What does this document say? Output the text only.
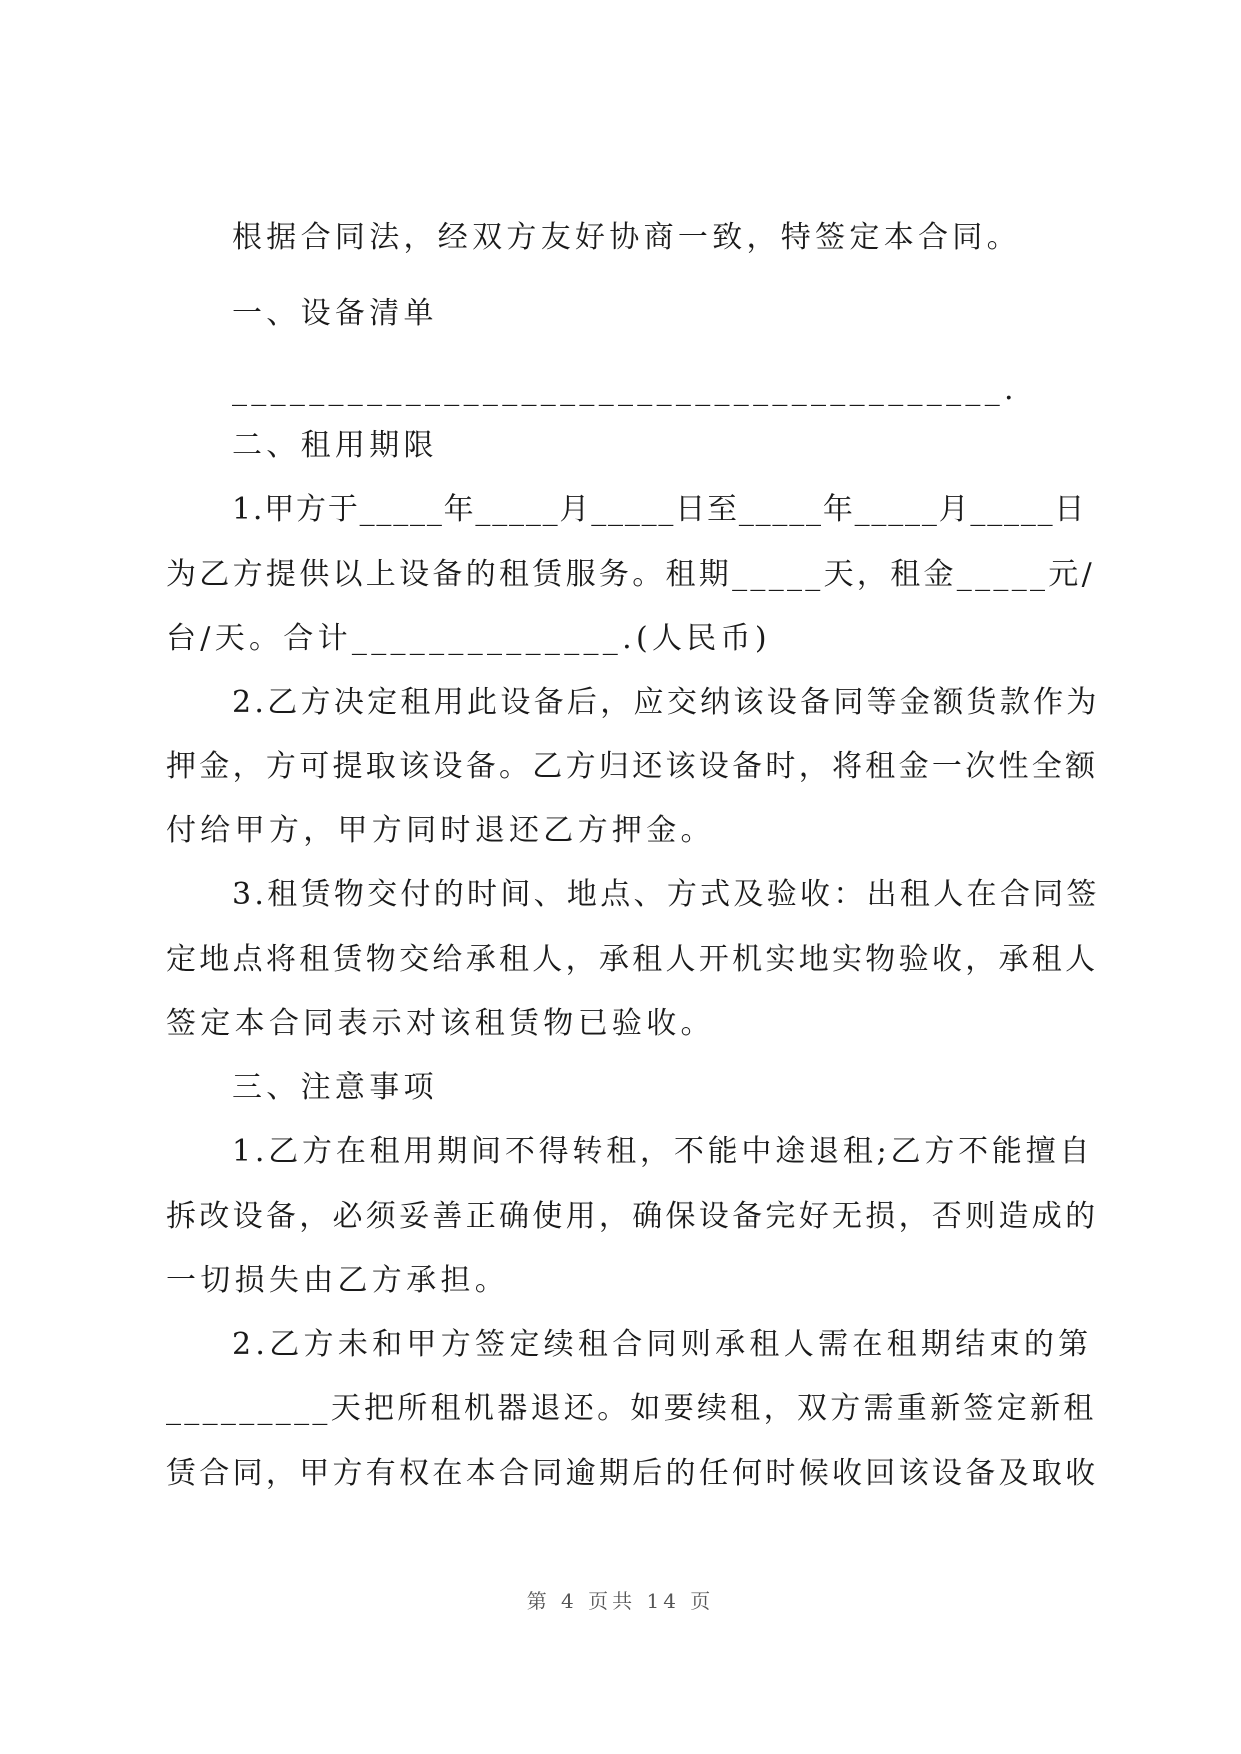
根据合同法，经双方友好协商一致，特签定本合同。
一、设备清单
________________________________________.
二、租用期限
1.甲方于_____年_____月_____日至_____年_____月_____日
为乙方提供以上设备的租赁服务。租期_____天，租金_____元/
台/天。合计______________.(人民币)
2.乙方决定租用此设备后，应交纳该设备同等金额货款作为
押金，方可提取该设备。乙方归还该设备时，将租金一次性全额
付给甲方，甲方同时退还乙方押金。
3.租赁物交付的时间、地点、方式及验收：出租人在合同签
定地点将租赁物交给承租人，承租人开机实地实物验收，承租人
签定本合同表示对该租赁物已验收。
三、注意事项
1.乙方在租用期间不得转租，不能中途退租;乙方不能擅自
拆改设备，必须妥善正确使用，确保设备完好无损，否则造成的
一切损失由乙方承担。
2.乙方未和甲方签定续租合同则承租人需在租期结束的第
_________天把所租机器退还。如要续租，双方需重新签定新租
赁合同，甲方有权在本合同逾期后的任何时候收回该设备及取收
第 4 页共 14 页
